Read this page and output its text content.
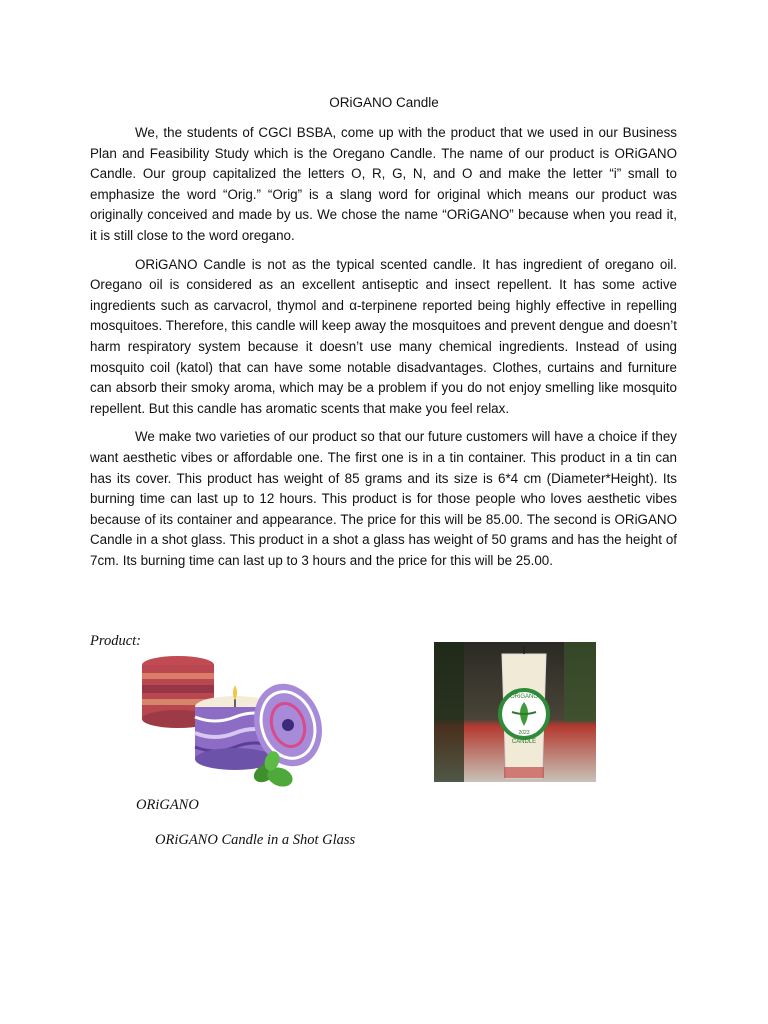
ORiGANO Candle

We, the students of CGCI BSBA, come up with the product that we used in our Business Plan and Feasibility Study which is the Oregano Candle. The name of our product is ORiGANO Candle. Our group capitalized the letters O, R, G, N, and O and make the letter “i” small to emphasize the word “Orig.” “Orig” is a slang word for original which means our product was originally conceived and made by us. We chose the name “ORiGANO” because when you read it, it is still close to the word oregano.

ORiGANO Candle is not as the typical scented candle. It has ingredient of oregano oil. Oregano oil is considered as an excellent antiseptic and insect repellent. It has some active ingredients such as carvacrol, thymol and α-terpinene reported being highly effective in repelling mosquitoes. Therefore, this candle will keep away the mosquitoes and prevent dengue and doesn’t harm respiratory system because it doesn’t use many chemical ingredients. Instead of using mosquito coil (katol) that can have some notable disadvantages. Clothes, curtains and furniture can absorb their smoky aroma, which may be a problem if you do not enjoy smelling like mosquito repellent. But this candle has aromatic scents that make you feel relax.

We make two varieties of our product so that our future customers will have a choice if they want aesthetic vibes or affordable one. The first one is in a tin container. This product in a tin can has its cover. This product has weight of 85 grams and its size is 6*4 cm (Diameter*Height). Its burning time can last up to 12 hours. This product is for those people who loves aesthetic vibes because of its container and appearance. The price for this will be 85.00. The second is ORiGANO Candle in a shot glass. This product in a shot a glass has weight of 50 grams and has the height of 7cm. Its burning time can last up to 3 hours and the price for this will be 25.00.

Product:
ORiGANO
2023
CANDLE
ORiGANO
ORiGANO Candle in a Shot Glass
